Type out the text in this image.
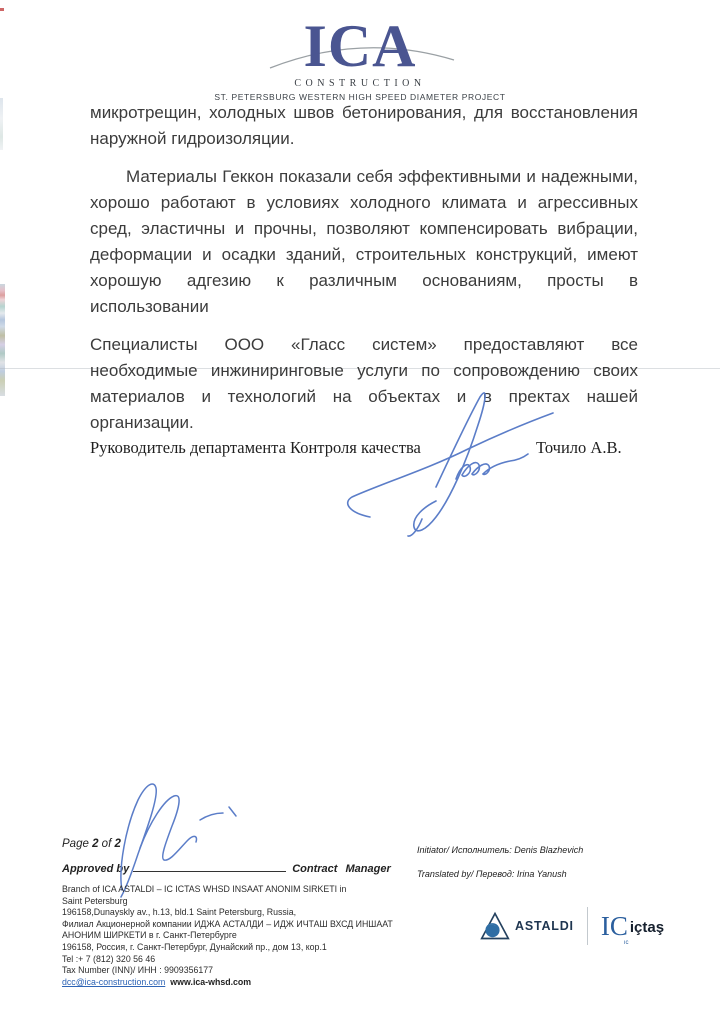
ICA
CONSTRUCTION
ST. PETERSBURG WESTERN HIGH SPEED DIAMETER PROJECT

микротрещин, холодных швов бетонирования, для восстановления наружной гидроизоляции.

Материалы Геккон показали себя эффективными и надежными, хорошо работают в условиях холодного климата и агрессивных сред, эластичны и прочны, позволяют компенсировать вибрации, деформации и осадки зданий, строительных конструкций, имеют хорошую адгезию к различным основаниям, просты в использовании

Специалисты ООО «Гласс систем» предоставляют все необходимые инжиниринговые услуги по сопровождению своих материалов и технологий на объектах и в пректах нашей организации.

Руководитель департамента Контроля качества	Точило А.В.
Page 2 of 2
Approved by	Contract Manager
Branch of ICA ASTALDI – IC ICTAS WHSD INSAAT ANONIM SIRKETI in
Saint Petersburg
196158,Dunayskly av., h.13, bld.1 Saint Petersburg, Russia,
Филиал Акционерной компании ИДЖА АСТАЛДИ – ИДЖ ИЧТАШ ВХСД ИНШААТ
АНОНИМ ШИРКЕТИ в г. Санкт-Петербурге
196158, Россия, г. Санкт-Петербург, Дунайский пр., дом 13, кор.1
Tel :+ 7 (812) 320 56 46
Tax Number (INN)/ ИНН : 9909356177
dcc@ica-construction.com www.ica-whsd.com
Initiator/ Исполнитель: Denis Blazhevich
Translated by/ Перевод: Irina Yanush
ASTALDI IC
ıc
içtaş
